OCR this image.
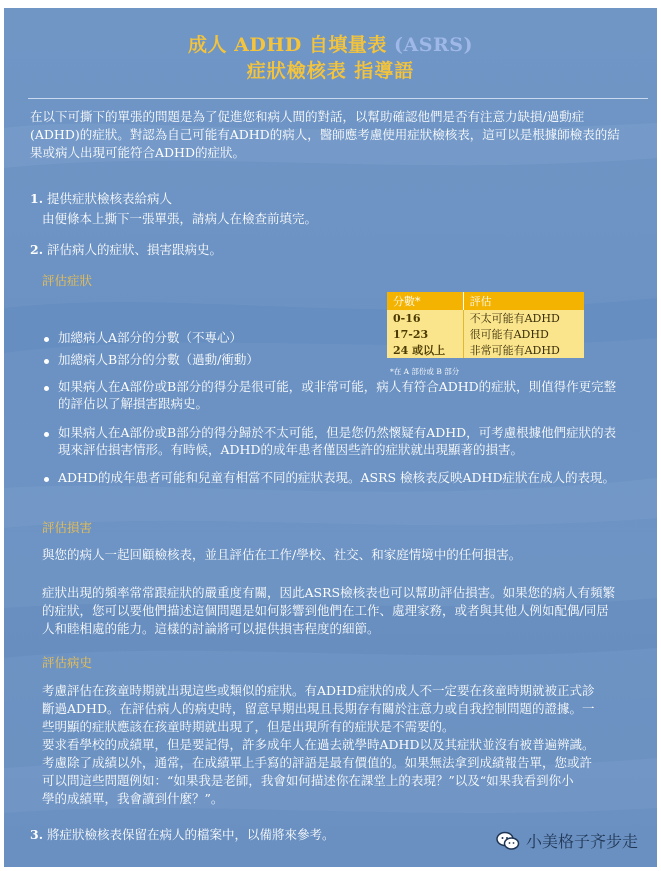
成人 ADHD 自填量表 (ASRS)
症狀檢核表 指導語
在以下可撕下的單張的問題是為了促進您和病人間的對話，以幫助確認他們是否有注意力缺損/過動症
(ADHD)的症狀。對認為自己可能有ADHD的病人，醫師應考慮使用症狀檢核表，這可以是根據師檢表的結
果或病人出現可能符合ADHD的症狀。
1. 提供症狀檢核表給病人
由便條本上撕下一張單張，請病人在檢查前填完。
2. 評估病人的症狀、損害跟病史。
評估症狀
加總病人A部分的分數（不專心）
加總病人B部分的分數（過動/衝動）
如果病人在A部份或B部分的得分是很可能，或非常可能，病人有符合ADHD的症狀，則值得作更完整
的評估以了解損害跟病史。
如果病人在A部份或B部分的得分歸於不太可能，但是您仍然懷疑有ADHD，可考慮根據他們症狀的表
現來評估損害情形。有時候，ADHD的成年患者僅因些許的症狀就出現顯著的損害。
ADHD的成年患者可能和兒童有相當不同的症狀表現。ASRS 檢核表反映ADHD症狀在成人的表現。
分數*	評估
0-16	不太可能有ADHD
17-23	很可能有ADHD
24 或以上	非常可能有ADHD
*在 A 部份或 B 部分
評估損害
與您的病人一起回顧檢核表，並且評估在工作/學校、社交、和家庭情境中的任何損害。
症狀出現的頻率常常跟症狀的嚴重度有關，因此ASRS檢核表也可以幫助評估損害。如果您的病人有頻繁
的症狀，您可以要他們描述這個問題是如何影響到他們在工作、處理家務，或者與其他人例如配偶/同居
人和睦相處的能力。這樣的討論將可以提供損害程度的細節。
評估病史
考慮評估在孩童時期就出現這些或類似的症狀。有ADHD症狀的成人不一定要在孩童時期就被正式診
斷過ADHD。在評估病人的病史時，留意早期出現且長期存有關於注意力或自我控制問題的證據。一
些明顯的症狀應該在孩童時期就出現了，但是出現所有的症狀是不需要的。
要求看學校的成績單，但是要記得，許多成年人在過去就學時ADHD以及其症狀並沒有被普遍辨識。
考慮除了成績以外，通常，在成績單上手寫的評語是最有價值的。如果無法拿到成績報告單，您或許
可以問這些問題例如：“如果我是老師，我會如何描述你在課堂上的表現？”以及“如果我看到你小
學的成績單，我會讀到什麼？”。
3. 將症狀檢核表保留在病人的檔案中，以備將來參考。	小美格子齐步走
